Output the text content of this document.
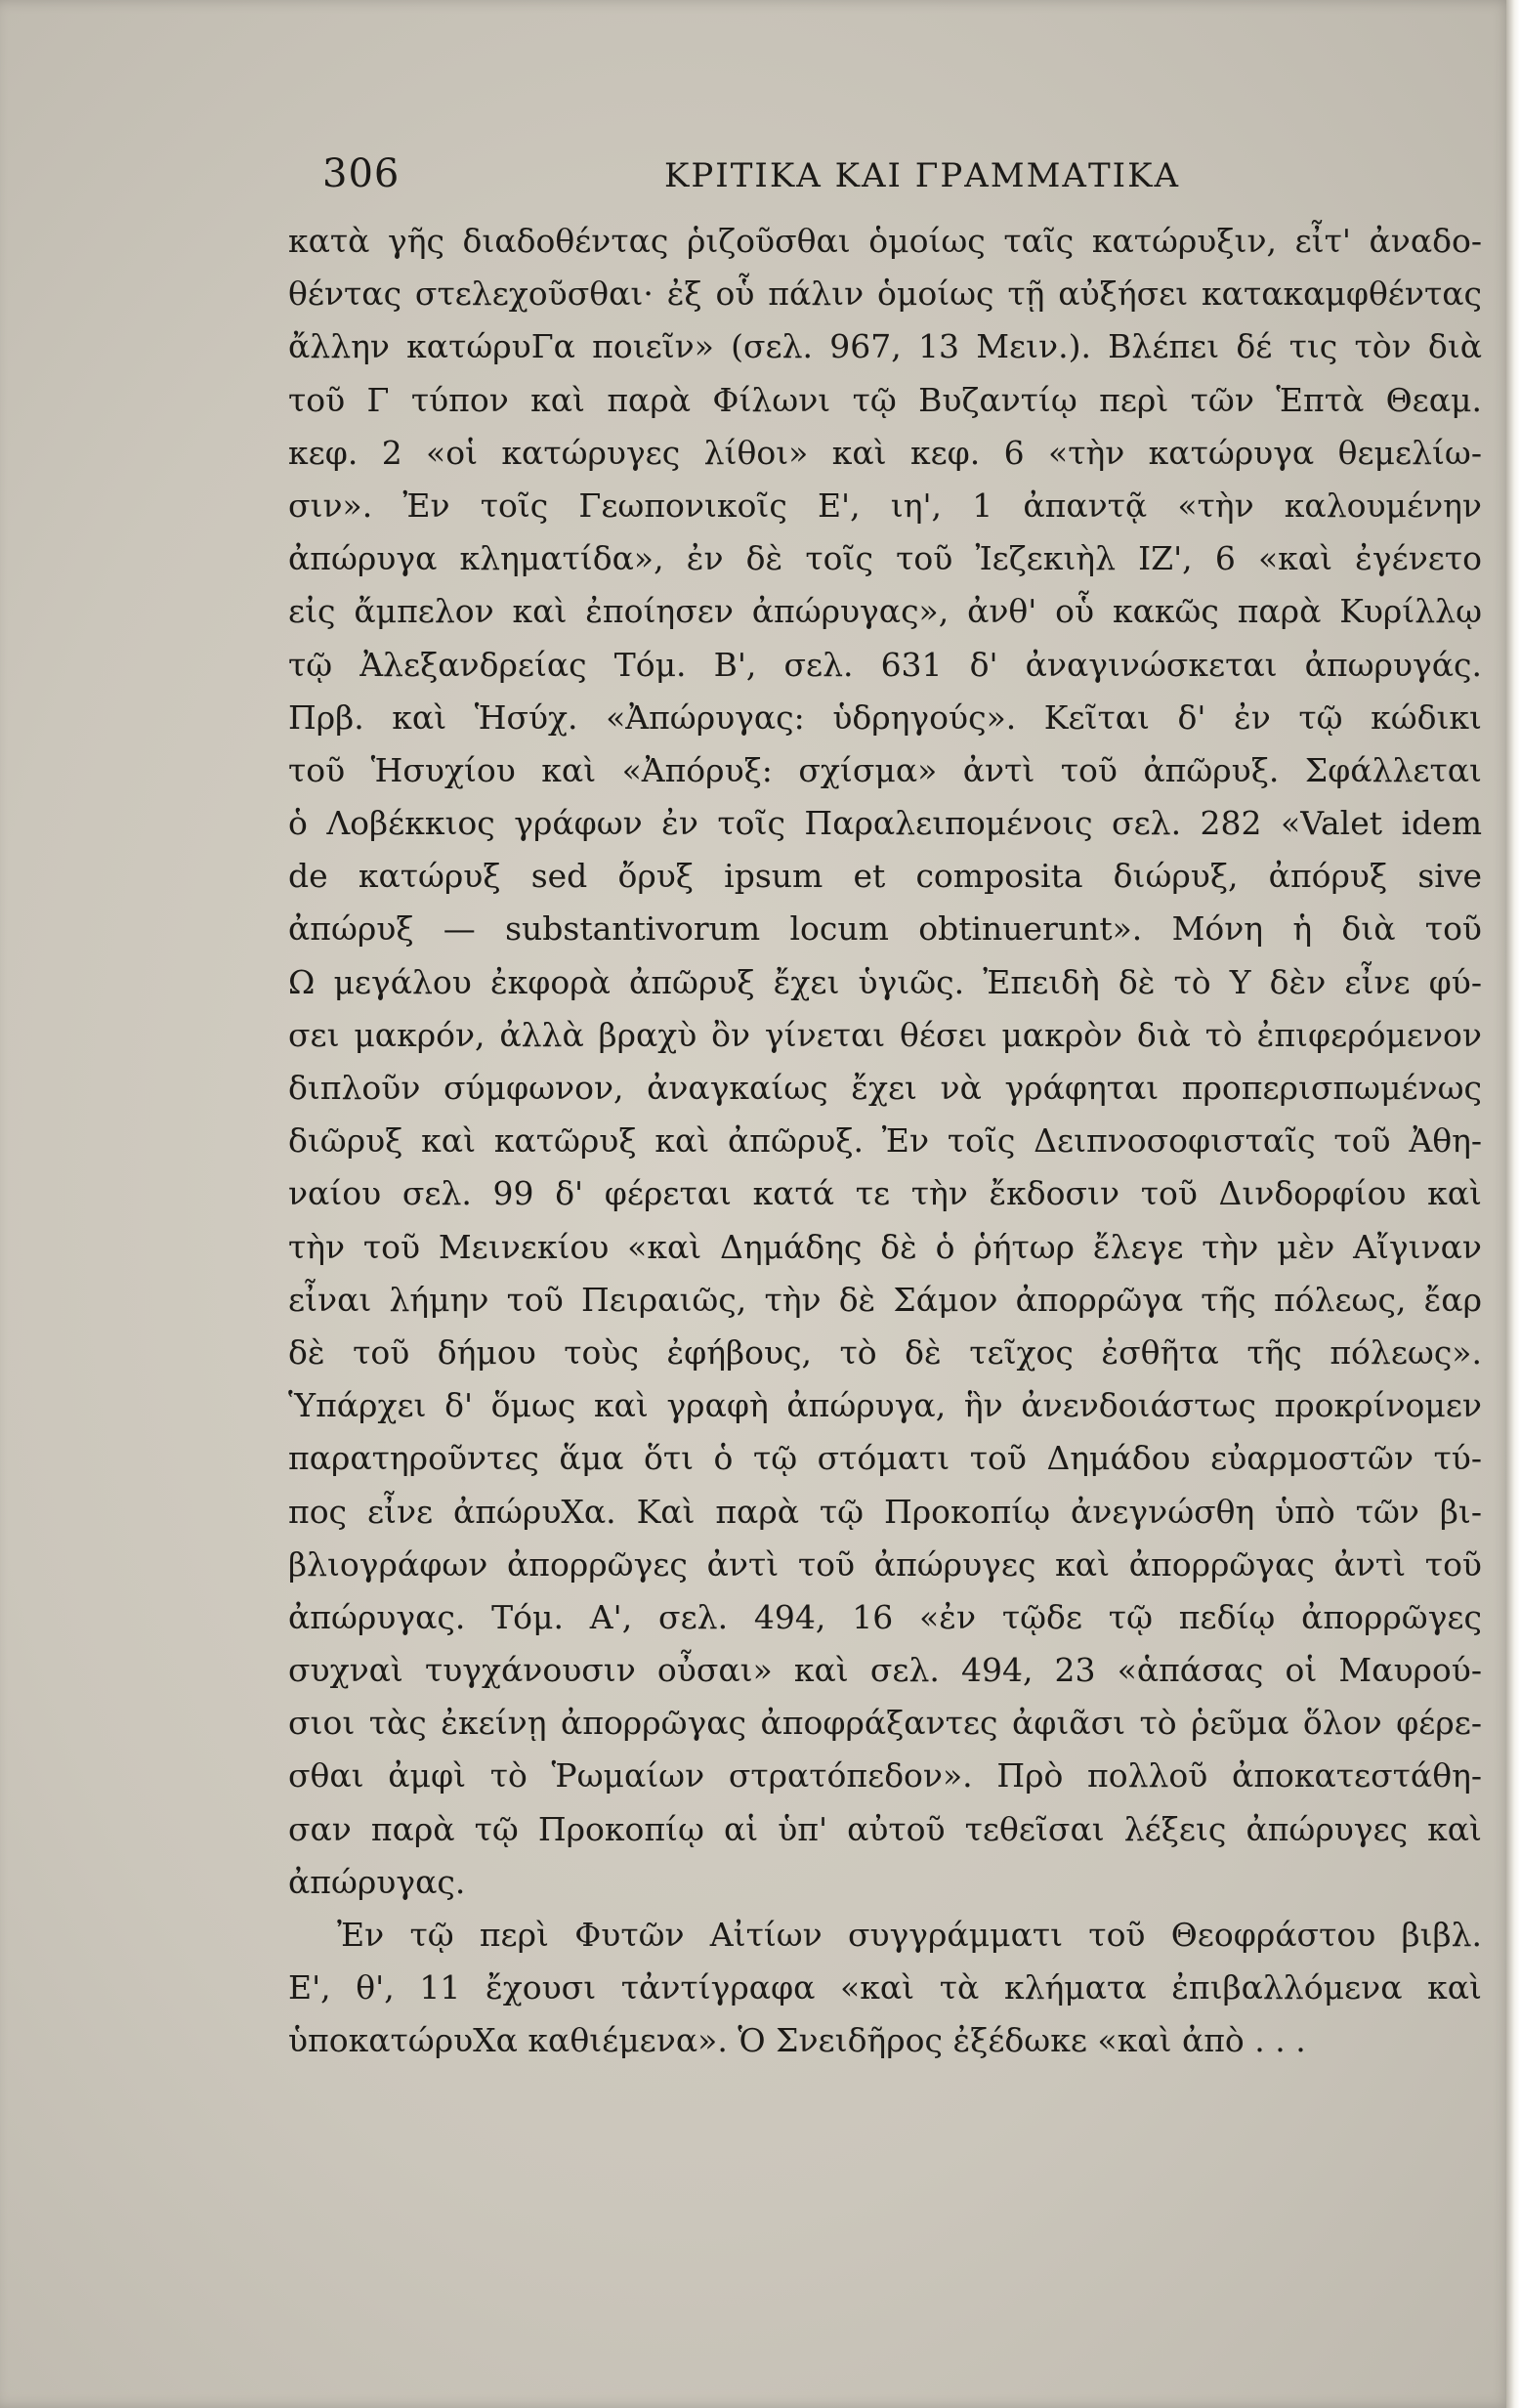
306	ΚΡΙΤΙΚΑ ΚΑΙ ΓΡΑΜΜΑΤΙΚΑ
κατὰ γῆς διαδοθέντας ῥιζοῦσθαι ὁμοίως ταῖς κατώρυξιν, εἶτ' ἀναδο-
θέντας στελεχοῦσθαι· ἐξ οὗ πάλιν ὁμοίως τῇ αὐξήσει κατακαμφθέντας
ἄλλην κατώρυΓα ποιεῖν» (σελ. 967, 13 Μειν.). Βλέπει δέ τις τὸν διὰ
τοῦ Γ τύπον καὶ παρὰ Φίλωνι τῷ Βυζαντίῳ περὶ τῶν Ἑπτὰ Θεαμ.
κεφ. 2 «οἱ κατώρυγες λίθοι» καὶ κεφ. 6 «τὴν κατώρυγα θεμελίω-
σιν». Ἐν τοῖς Γεωπονικοῖς Ε', ιη', 1 ἀπαντᾷ «τὴν καλουμένην
ἀπώρυγα κληματίδα», ἐν δὲ τοῖς τοῦ Ἰεζεκιὴλ ΙΖ', 6 «καὶ ἐγένετο
εἰς ἄμπελον καὶ ἐποίησεν ἀπώρυγας», ἀνθ' οὗ κακῶς παρὰ Κυρίλλῳ
τῷ Ἀλεξανδρείας Τόμ. Β', σελ. 631 δ' ἀναγινώσκεται ἀπωρυγάς.
Πρβ. καὶ Ἡσύχ. «Ἀπώρυγας: ὑδρηγούς». Κεῖται δ' ἐν τῷ κώδικι
τοῦ Ἡσυχίου καὶ «Ἀπόρυξ: σχίσμα» ἀντὶ τοῦ ἀπῶρυξ. Σφάλλεται
ὁ Λοβέκκιος γράφων ἐν τοῖς Παραλειπομένοις σελ. 282 «Valet idem
de κατώρυξ sed ὄρυξ ipsum et composita διώρυξ, ἀπόρυξ sive
ἀπώρυξ — substantivorum locum obtinuerunt». Μόνη ἡ διὰ τοῦ
Ω μεγάλου ἐκφορὰ ἀπῶρυξ ἔχει ὑγιῶς. Ἐπειδὴ δὲ τὸ Υ δὲν εἶνε φύ-
σει μακρόν, ἀλλὰ βραχὺ ὂν γίνεται θέσει μακρὸν διὰ τὸ ἐπιφερόμενον
διπλοῦν σύμφωνον, ἀναγκαίως ἔχει νὰ γράφηται προπερισπωμένως
διῶρυξ καὶ κατῶρυξ καὶ ἀπῶρυξ. Ἐν τοῖς Δειπνοσοφισταῖς τοῦ Ἀθη-
ναίου σελ. 99 δ' φέρεται κατά τε τὴν ἔκδοσιν τοῦ Δινδορφίου καὶ
τὴν τοῦ Μεινεκίου «καὶ Δημάδης δὲ ὁ ῥήτωρ ἔλεγε τὴν μὲν Αἴγιναν
εἶναι λήμην τοῦ Πειραιῶς, τὴν δὲ Σάμον ἀπορρῶγα τῆς πόλεως, ἔαρ
δὲ τοῦ δήμου τοὺς ἐφήβους, τὸ δὲ τεῖχος ἐσθῆτα τῆς πόλεως».
Ὑπάρχει δ' ὅμως καὶ γραφὴ ἀπώρυγα, ἣν ἀνενδοιάστως προκρίνομεν
παρατηροῦντες ἅμα ὅτι ὁ τῷ στόματι τοῦ Δημάδου εὐαρμοστῶν τύ-
πος εἶνε ἀπώρυΧα. Καὶ παρὰ τῷ Προκοπίῳ ἀνεγνώσθη ὑπὸ τῶν βι-
βλιογράφων ἀπορρῶγες ἀντὶ τοῦ ἀπώρυγες καὶ ἀπορρῶγας ἀντὶ τοῦ
ἀπώρυγας. Τόμ. Α', σελ. 494, 16 «ἐν τῷδε τῷ πεδίῳ ἀπορρῶγες
συχναὶ τυγχάνουσιν οὖσαι» καὶ σελ. 494, 23 «ἁπάσας οἱ Μαυρού-
σιοι τὰς ἐκείνῃ ἀπορρῶγας ἀποφράξαντες ἀφιᾶσι τὸ ῥεῦμα ὅλον φέρε-
σθαι ἀμφὶ τὸ Ῥωμαίων στρατόπεδον». Πρὸ πολλοῦ ἀποκατεστάθη-
σαν παρὰ τῷ Προκοπίῳ αἱ ὑπ' αὐτοῦ τεθεῖσαι λέξεις ἀπώρυγες καὶ
ἀπώρυγας.
Ἐν τῷ περὶ Φυτῶν Αἰτίων συγγράμματι τοῦ Θεοφράστου βιβλ.
Ε', θ', 11 ἔχουσι τἀντίγραφα «καὶ τὰ κλήματα ἐπιβαλλόμενα καὶ
ὑποκατώρυΧα καθιέμενα». Ὁ Σνειδῆρος ἐξέδωκε «καὶ ἀπὸ . . .
